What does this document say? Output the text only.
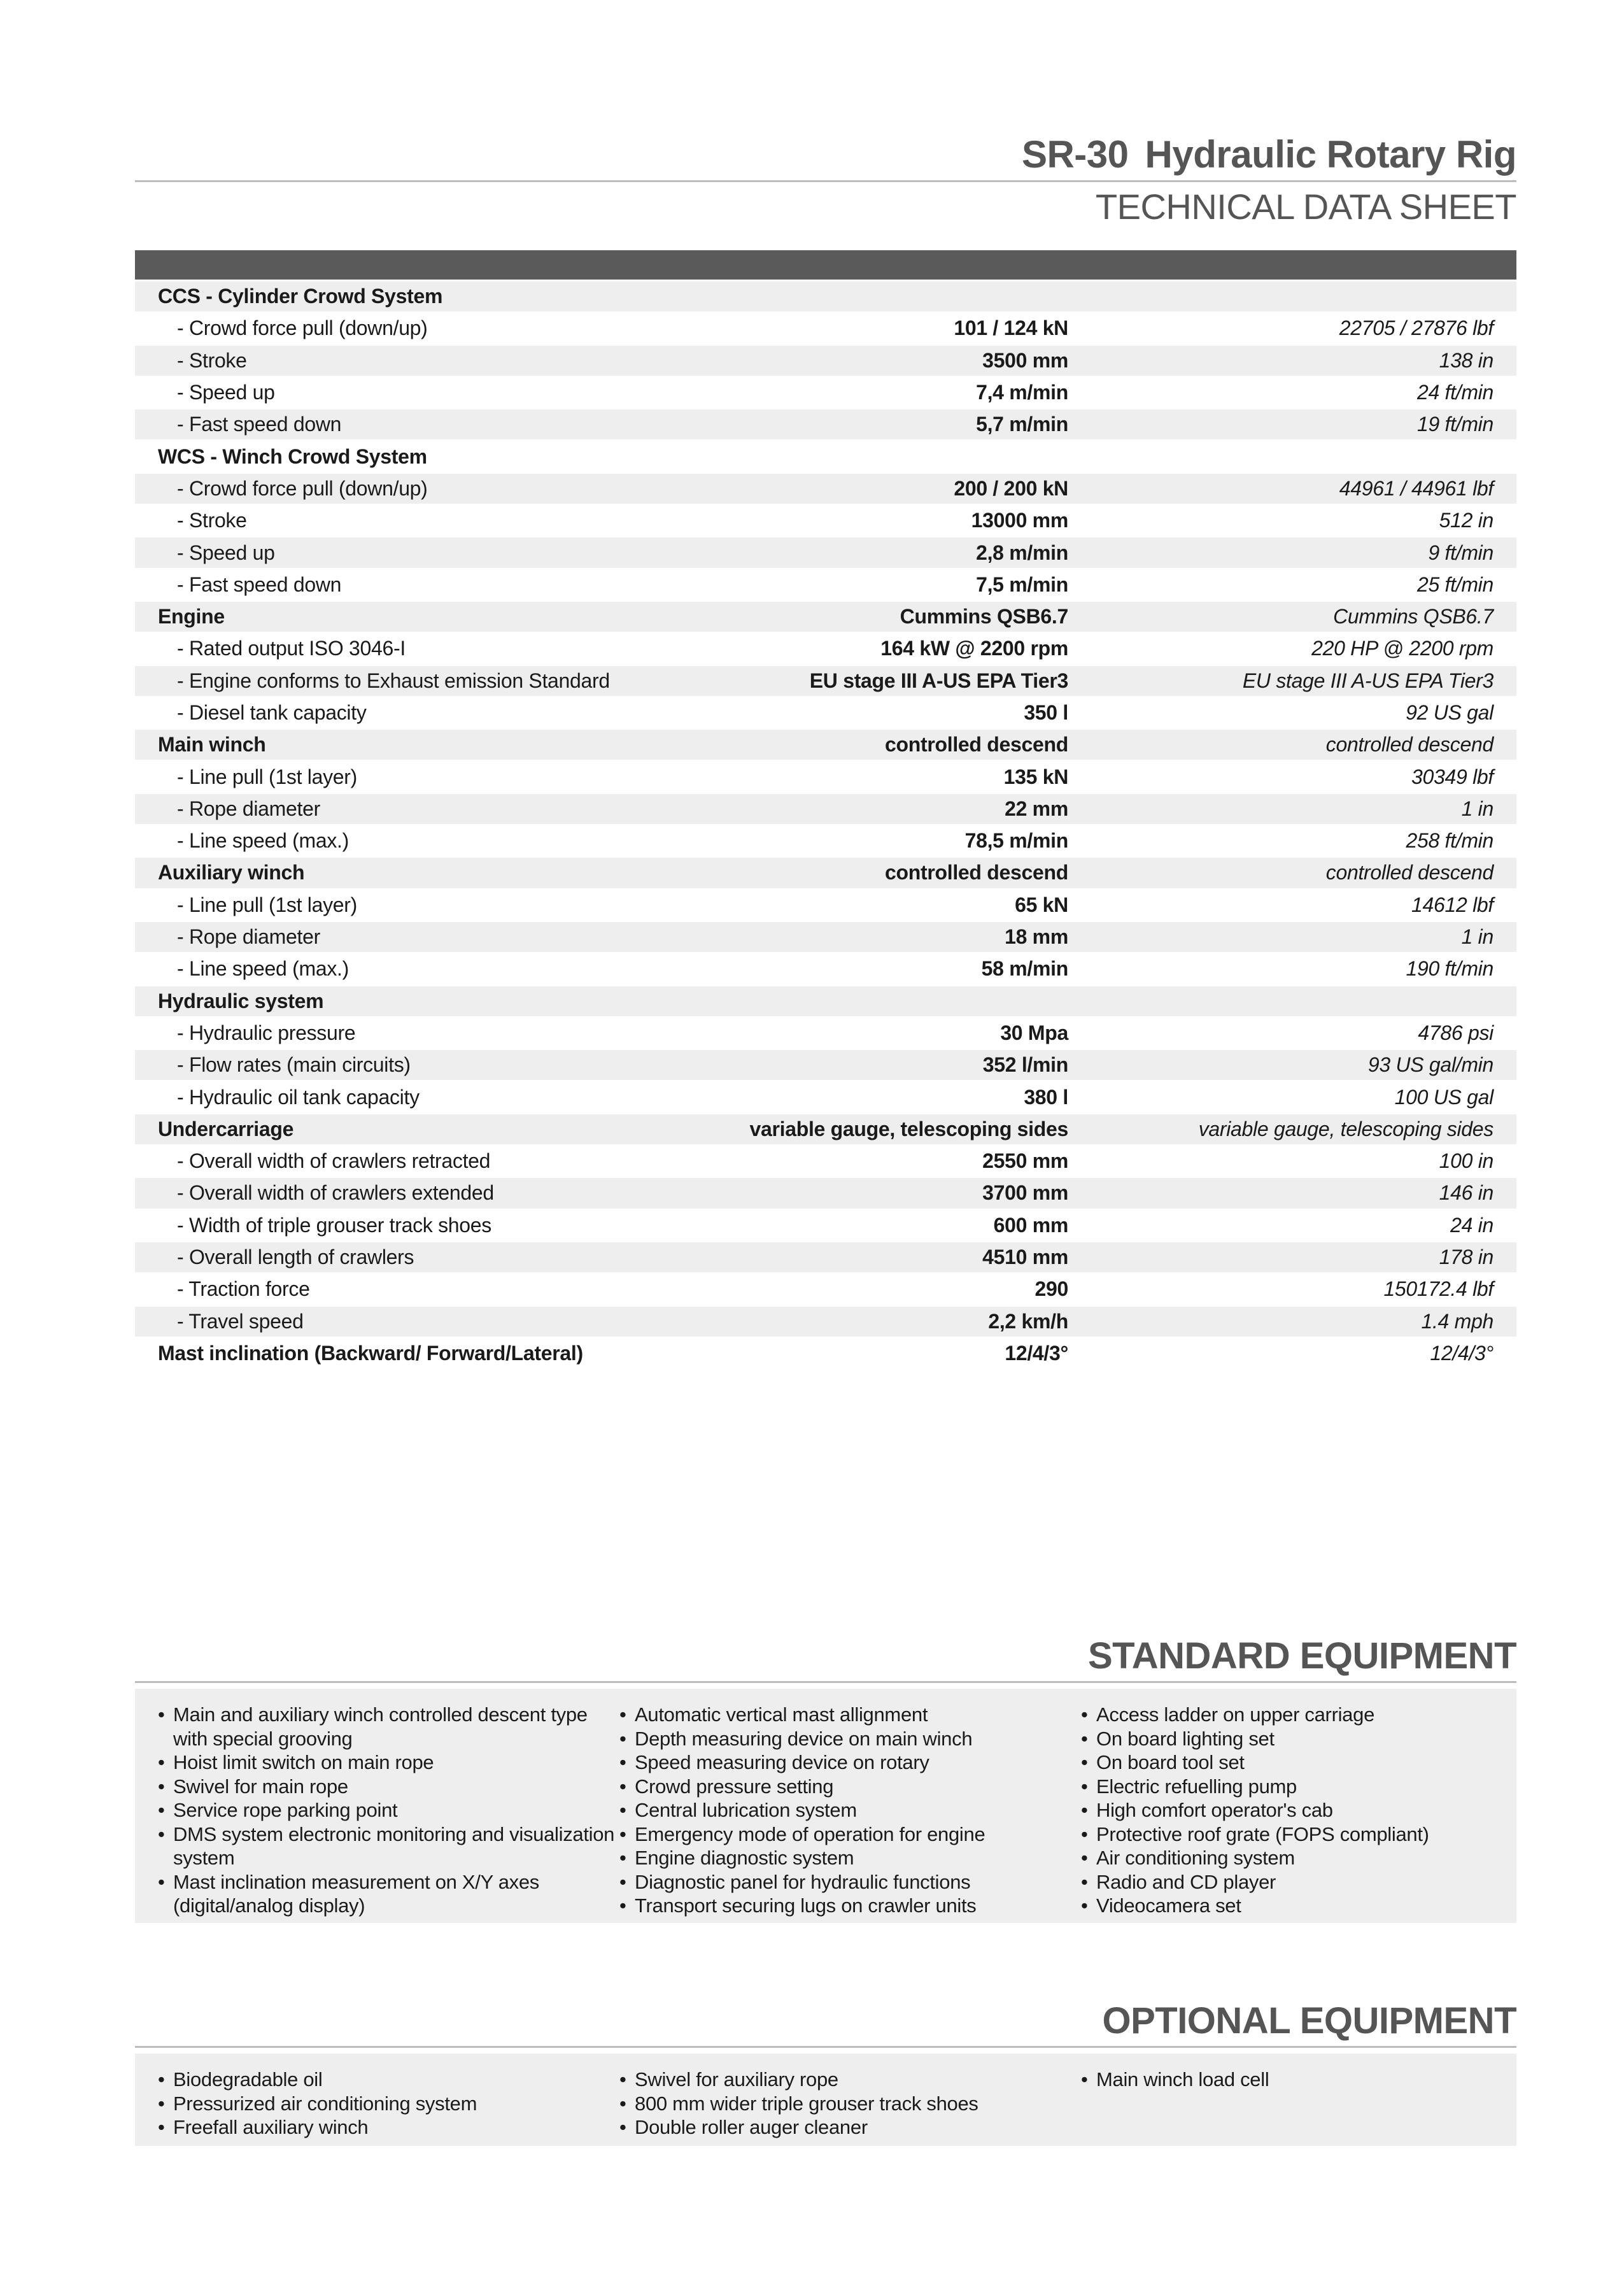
SR-30 Hydraulic Rotary Rig
TECHNICAL DATA SHEET

CCS - Cylinder Crowd System		
- Crowd force pull (down/up)	101 / 124 kN	22705 / 27876 lbf
- Stroke	3500 mm	138 in
- Speed up	7,4 m/min	24 ft/min
- Fast speed down	5,7 m/min	19 ft/min
WCS - Winch Crowd System		
- Crowd force pull (down/up)	200 / 200 kN	44961 / 44961 lbf
- Stroke	13000 mm	512 in
- Speed up	2,8 m/min	9 ft/min
- Fast speed down	7,5 m/min	25 ft/min
Engine	Cummins QSB6.7	Cummins QSB6.7
- Rated output ISO 3046-I	164 kW @ 2200 rpm	220 HP @ 2200 rpm
- Engine conforms to Exhaust emission Standard	EU stage III A-US EPA Tier3	EU stage III A-US EPA Tier3
- Diesel tank capacity	350 l	92 US gal
Main winch	controlled descend	controlled descend
- Line pull (1st layer)	135 kN	30349 lbf
- Rope diameter	22 mm	1 in
- Line speed (max.)	78,5 m/min	258 ft/min
Auxiliary winch	controlled descend	controlled descend
- Line pull (1st layer)	65 kN	14612 lbf
- Rope diameter	18 mm	1 in
- Line speed (max.)	58 m/min	190 ft/min
Hydraulic system		
- Hydraulic pressure	30 Mpa	4786 psi
- Flow rates (main circuits)	352 l/min	93 US gal/min
- Hydraulic oil tank capacity	380 l	100 US gal
Undercarriage	variable gauge, telescoping sides	variable gauge, telescoping sides
- Overall width of crawlers retracted	2550 mm	100 in
- Overall width of crawlers extended	3700 mm	146 in
- Width of triple grouser track shoes	600 mm	24 in
- Overall length of crawlers	4510 mm	178 in
- Traction force	290	150172.4 lbf
- Travel speed	2,2 km/h	1.4 mph
Mast inclination (Backward/ Forward/Lateral)	12/4/3°	12/4/3°
STANDARD EQUIPMENT
• Main and auxiliary winch controlled descent type with special grooving
• Hoist limit switch on main rope
• Swivel for main rope
• Service rope parking point
• DMS system electronic monitoring and visualization system
• Mast inclination measurement on X/Y axes (digital/analog display)
• Automatic vertical mast allignment
• Depth measuring device on main winch
• Speed measuring device on rotary
• Crowd pressure setting
• Central lubrication system
• Emergency mode of operation for engine
• Engine diagnostic system
• Diagnostic panel for hydraulic functions
• Transport securing lugs on crawler units
• Access ladder on upper carriage
• On board lighting set
• On board tool set
• Electric refuelling pump
• High comfort operator's cab
• Protective roof grate (FOPS compliant)
• Air conditioning system
• Radio and CD player
• Videocamera set
OPTIONAL EQUIPMENT
• Biodegradable oil
• Pressurized air conditioning system
• Freefall auxiliary winch
• Swivel for auxiliary rope
• 800 mm wider triple grouser track shoes
• Double roller auger cleaner
• Main winch load cell
